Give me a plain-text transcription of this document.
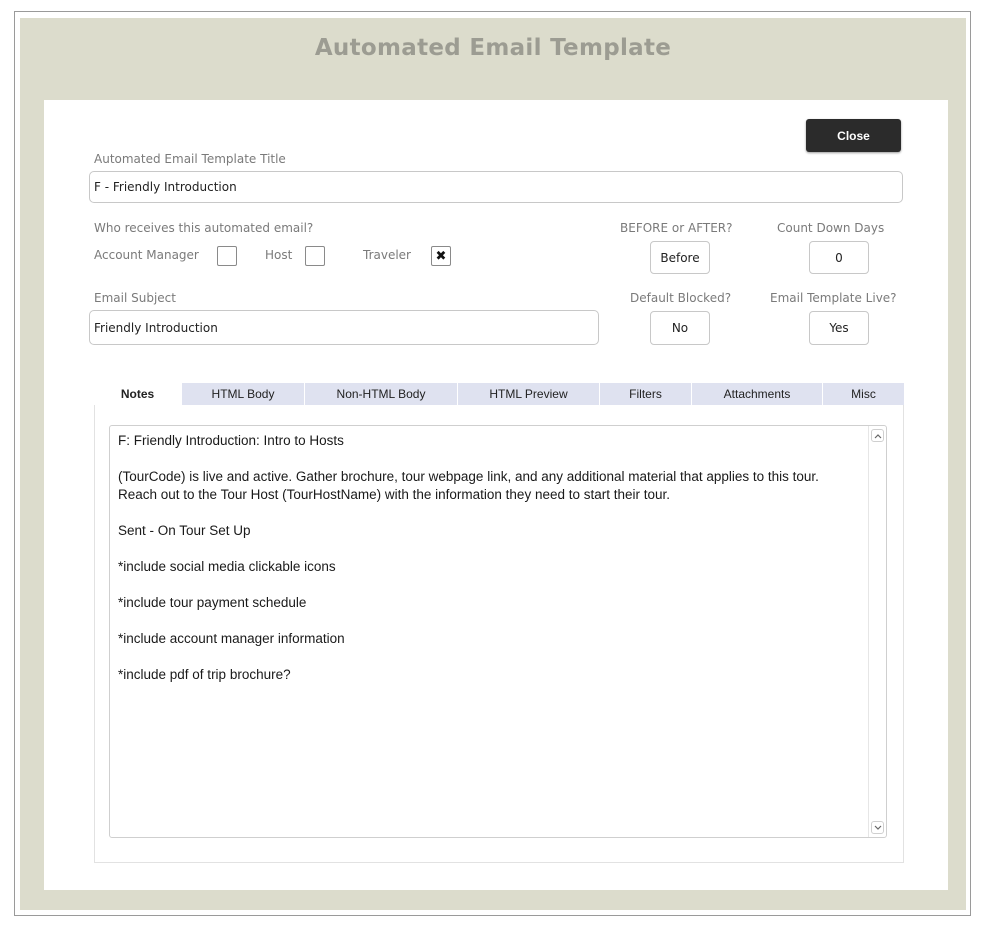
Automated Email Template
Close
Automated Email Template Title
F - Friendly Introduction
Who receives this automated email?
Account Manager	Host	Traveler ✖
BEFORE or AFTER?
Before
Count Down Days
0
Email Subject
Friendly Introduction
Default Blocked?
No
Email Template Live?
Yes
Notes	HTML Body	Non-HTML Body	HTML Preview	Filters	Attachments	Misc

F: Friendly Introduction: Intro to Hosts

(TourCode) is live and active. Gather brochure, tour webpage link, and any additional material that applies to this tour. Reach out to the Tour Host (TourHostName) with the information they need to start their tour.

Sent - On Tour Set Up

*include social media clickable icons

*include tour payment schedule

*include account manager information

*include pdf of trip brochure?
